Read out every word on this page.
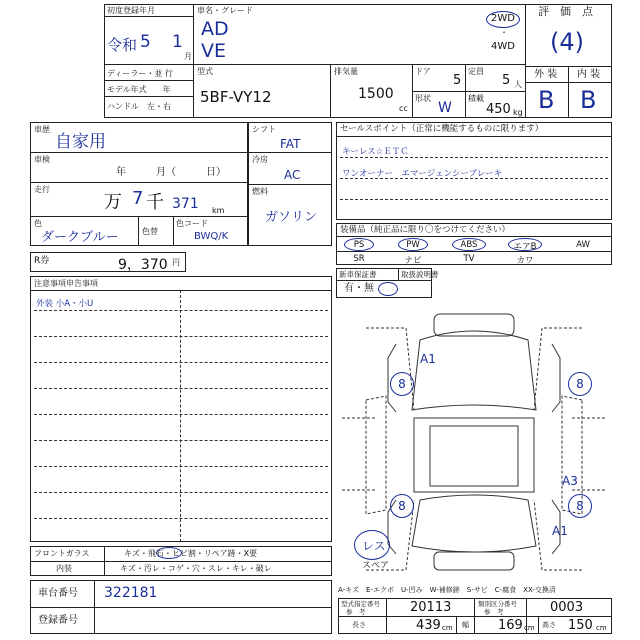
初度登録年月
令和 5 1
月
車名・グレード
AD
VE
2WD
・
4WD
評　価　点
(4)
外 装 内 装
B B
ディーラー・並 行
モデル年式　　年
ハンドル　左・右
型式
5BF-VY12
排気量
1500
cc
ドア
5
定員
5 人
形状
W
積載
450 kg
車歴
自家用
車検
年　　　月（　　　日）
走行
万 7 千 371 km
色
ダークブルー	色替
色コード
BWQ/K
シフト
FAT
冷房
AC
燃料
ガソリン
R券	9，370 円
セールスポイント（正常に機能するものに限ります）
キーレス☆ＥＴＣ
ワンオーナー　エマージェンシーブレーキ
装備品（純正品に限り〇をつけてください）
PS	PW	ABS	エアB	AW
SR	ナビ	TV	カワ
新車保証書	取扱説明書
有・無
注意事項申告事項
外装 小A・小U
A1
A3
A1
8	8
8	8
レス
スペア
フロントガラス	キズ・飛石・ヒビ割・リペア跡・X要
内装	キズ・汚レ・コゲ・穴・スレ・キレ・破レ
車台番号 322181
登録番号
A-キズ　E-エクボ　U-凹み　W-補修跡　S-サビ　C-腐食　XX-交換済
型式指定番号
参　考	20113	類別区分番号
参　考	0003
長さ	439 cm 幅 169 cm 高さ 150 cm
